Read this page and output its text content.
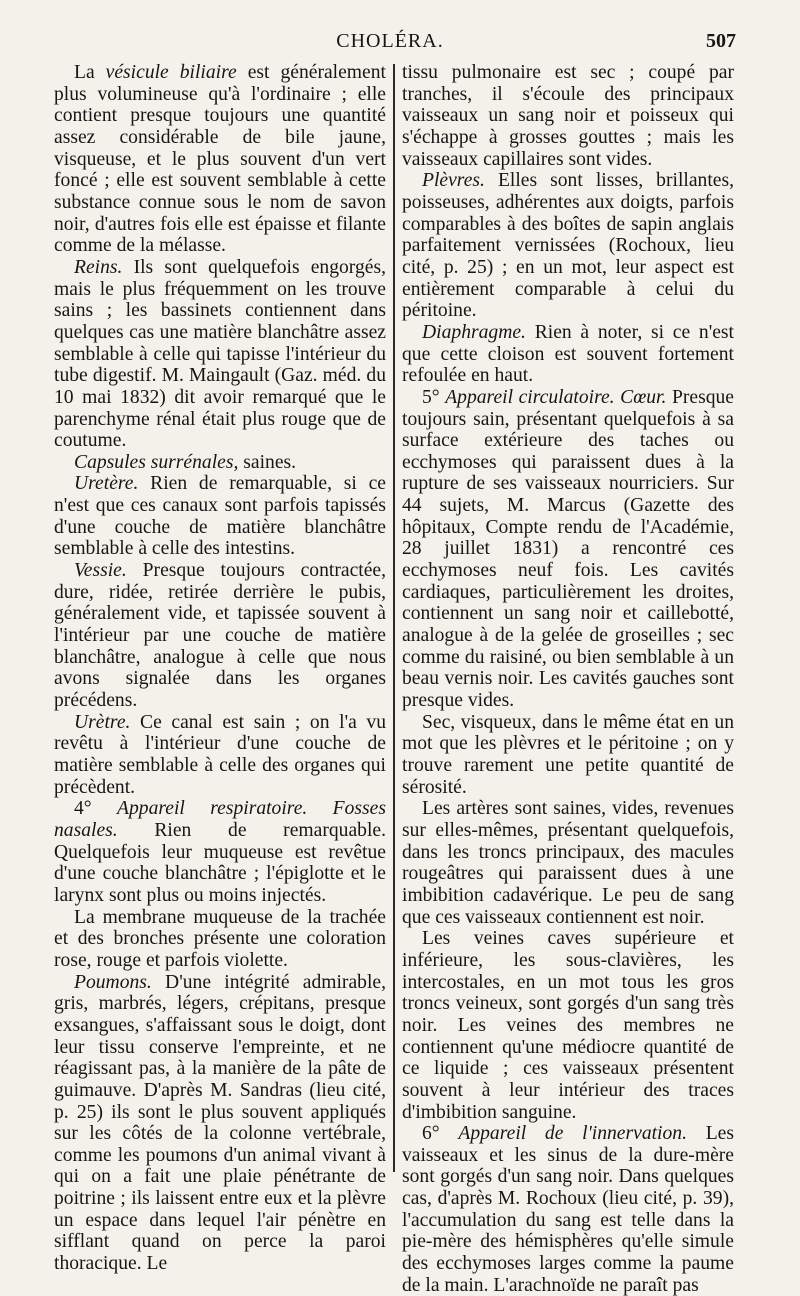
CHOLÉRA.	507

La vésicule biliaire est généralement plus volumineuse qu'à l'ordinaire ; elle contient presque toujours une quantité assez considérable de bile jaune, visqueuse, et le plus souvent d'un vert foncé ; elle est souvent semblable à cette substance connue sous le nom de savon noir, d'autres fois elle est épaisse et filante comme de la mélasse.

Reins. Ils sont quelquefois engorgés, mais le plus fréquemment on les trouve sains ; les bassinets contiennent dans quelques cas une matière blanchâtre assez semblable à celle qui tapisse l'intérieur du tube digestif. M. Maingault (Gaz. méd. du 10 mai 1832) dit avoir remarqué que le parenchyme rénal était plus rouge que de coutume.

Capsules surrénales, saines.

Uretère. Rien de remarquable, si ce n'est que ces canaux sont parfois tapissés d'une couche de matière blanchâtre semblable à celle des intestins.

Vessie. Presque toujours contractée, dure, ridée, retirée derrière le pubis, généralement vide, et tapissée souvent à l'intérieur par une couche de matière blanchâtre, analogue à celle que nous avons signalée dans les organes précédens.

Urètre. Ce canal est sain ; on l'a vu revêtu à l'intérieur d'une couche de matière semblable à celle des organes qui précèdent.

4° Appareil respiratoire. Fosses nasales. Rien de remarquable. Quelquefois leur muqueuse est revêtue d'une couche blanchâtre ; l'épiglotte et le larynx sont plus ou moins injectés.

La membrane muqueuse de la trachée et des bronches présente une coloration rose, rouge et parfois violette.

Poumons. D'une intégrité admirable, gris, marbrés, légers, crépitans, presque exsangues, s'affaissant sous le doigt, dont leur tissu conserve l'empreinte, et ne réagissant pas, à la manière de la pâte de guimauve. D'après M. Sandras (lieu cité, p. 25) ils sont le plus souvent appliqués sur les côtés de la colonne vertébrale, comme les poumons d'un animal vivant à qui on a fait une plaie pénétrante de poitrine ; ils laissent entre eux et la plèvre un espace dans lequel l'air pénètre en sifflant quand on perce la paroi thoracique. Le

tissu pulmonaire est sec ; coupé par tranches, il s'écoule des principaux vaisseaux un sang noir et poisseux qui s'échappe à grosses gouttes ; mais les vaisseaux capillaires sont vides.

Plèvres. Elles sont lisses, brillantes, poisseuses, adhérentes aux doigts, parfois comparables à des boîtes de sapin anglais parfaitement vernissées (Rochoux, lieu cité, p. 25) ; en un mot, leur aspect est entièrement comparable à celui du péritoine.

Diaphragme. Rien à noter, si ce n'est que cette cloison est souvent fortement refoulée en haut.

5° Appareil circulatoire. Cœur. Presque toujours sain, présentant quelquefois à sa surface extérieure des taches ou ecchymoses qui paraissent dues à la rupture de ses vaisseaux nourriciers. Sur 44 sujets, M. Marcus (Gazette des hôpitaux, Compte rendu de l'Académie, 28 juillet 1831) a rencontré ces ecchymoses neuf fois. Les cavités cardiaques, particulièrement les droites, contiennent un sang noir et caillebotté, analogue à de la gelée de groseilles ; sec comme du raisiné, ou bien semblable à un beau vernis noir. Les cavités gauches sont presque vides.

Sec, visqueux, dans le même état en un mot que les plèvres et le péritoine ; on y trouve rarement une petite quantité de sérosité.

Les artères sont saines, vides, revenues sur elles-mêmes, présentant quelquefois, dans les troncs principaux, des macules rougeâtres qui paraissent dues à une imbibition cadavérique. Le peu de sang que ces vaisseaux contiennent est noir.

Les veines caves supérieure et inférieure, les sous-clavières, les intercostales, en un mot tous les gros troncs veineux, sont gorgés d'un sang très noir. Les veines des membres ne contiennent qu'une médiocre quantité de ce liquide ; ces vaisseaux présentent souvent à leur intérieur des traces d'imbibition sanguine.

6° Appareil de l'innervation. Les vaisseaux et les sinus de la dure-mère sont gorgés d'un sang noir. Dans quelques cas, d'après M. Rochoux (lieu cité, p. 39), l'accumulation du sang est telle dans la pie-mère des hémisphères qu'elle simule des ecchymoses larges comme la paume de la main. L'arachnoïde ne paraît pas
